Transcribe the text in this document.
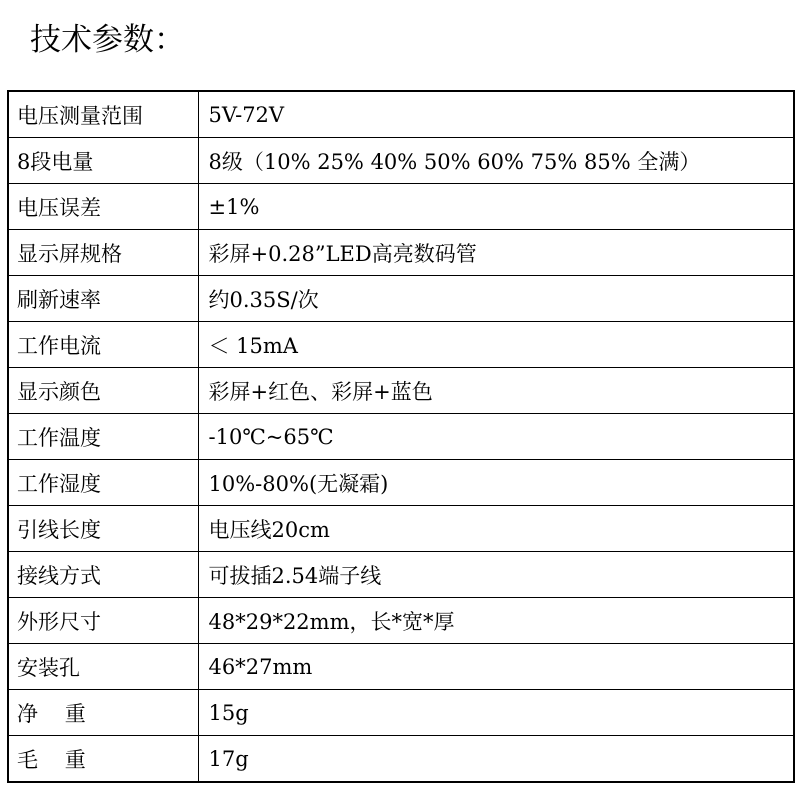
技术参数：
电压测量范围	5V-72V
8段电量	8级（10% 25% 40% 50% 60% 75% 85% 全满）
电压误差	±1%
显示屏规格	彩屏+0.28”LED高亮数码管
刷新速率	约0.35S/次
工作电流	＜ 15mA
显示颜色	彩屏+红色、彩屏+蓝色
工作温度	-10℃~65℃
工作湿度	10%-80%(无凝霜)
引线长度	电压线20cm
接线方式	可拔插2.54端子线
外形尺寸	48*29*22mm，长*宽*厚
安装孔	46*27mm
净    重	15g
毛    重	17g
